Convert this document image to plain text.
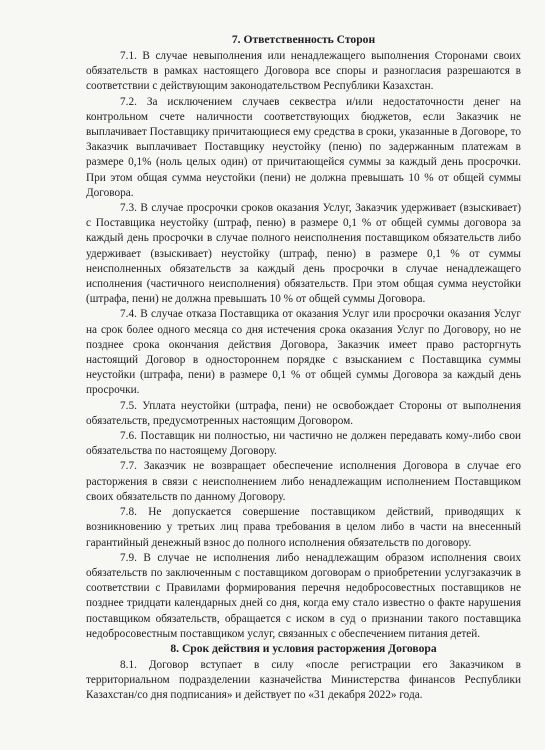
7. Ответственность Сторон

7.1. В случае невыполнения или ненадлежащего выполнения Сторонами своих обязательств в рамках настоящего Договора все споры и разногласия разрешаются в соответствии с действующим законодательством Республики Казахстан.

7.2. За исключением случаев секвестра и/или недостаточности денег на контрольном счете наличности соответствующих бюджетов, если Заказчик не выплачивает Поставщику причитающиеся ему средства в сроки, указанные в Договоре, то Заказчик выплачивает Поставщику неустойку (пеню) по задержанным платежам в размере 0,1% (ноль целых один) от причитающейся суммы за каждый день просрочки. При этом общая сумма неустойки (пени) не должна превышать 10 % от общей суммы Договора.

7.3. В случае просрочки сроков оказания Услуг, Заказчик удерживает (взыскивает) с Поставщика неустойку (штраф, пеню) в размере 0,1 % от общей суммы договора за каждый день просрочки в случае полного неисполнения поставщиком обязательств либо удерживает (взыскивает) неустойку (штраф, пеню) в размере 0,1 % от суммы неисполненных обязательств за каждый день просрочки в случае ненадлежащего исполнения (частичного неисполнения) обязательств. При этом общая сумма неустойки (штрафа, пени) не должна превышать 10 % от общей суммы Договора.

7.4. В случае отказа Поставщика от оказания Услуг или просрочки оказания Услуг на срок более одного месяца со дня истечения срока оказания Услуг по Договору, но не позднее срока окончания действия Договора, Заказчик имеет право расторгнуть настоящий Договор в одностороннем порядке с взысканием с Поставщика суммы неустойки (штрафа, пени) в размере 0,1 % от общей суммы Договора за каждый день просрочки.

7.5. Уплата неустойки (штрафа, пени) не освобождает Стороны от выполнения обязательств, предусмотренных настоящим Договором.

7.6. Поставщик ни полностью, ни частично не должен передавать кому-либо свои обязательства по настоящему Договору.

7.7. Заказчик не возвращает обеспечение исполнения Договора в случае его расторжения в связи с неисполнением либо ненадлежащим исполнением Поставщиком своих обязательств по данному Договору.

7.8. Не допускается совершение поставщиком действий, приводящих к возникновению у третьих лиц права требования в целом либо в части на внесенный гарантийный денежный взнос до полного исполнения обязательств по договору.

7.9. В случае не исполнения либо ненадлежащим образом исполнения своих обязательств по заключенным с поставщиком договорам о приобретении услугзаказчик в соответствии с Правилами формирования перечня недобросовестных поставщиков не позднее тридцати календарных дней со дня, когда ему стало известно о факте нарушения поставщиком обязательств, обращается с иском в суд о признании такого поставщика недобросовестным поставщиком услуг, связанных с обеспечением питания детей.

8. Срок действия и условия расторжения Договора

8.1. Договор вступает в силу «после регистрации его Заказчиком в территориальном подразделении казначейства Министерства финансов Республики Казахстан/со дня подписания» и действует по «31 декабря 2022» года.
